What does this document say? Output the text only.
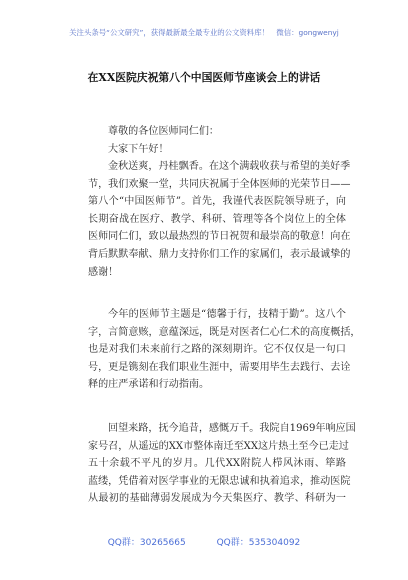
关注头条号“公文研究”，获得最新最全最专业的公文资料库！　微信：gongwenyj
在XX医院庆祝第八个中国医师节座谈会上的讲话
尊敬的各位医师同仁们：
大家下午好！
金秋送爽，丹桂飘香。在这个满载收获与希望的美好季
节，我们欢聚一堂，共同庆祝属于全体医师的光荣节日——
第八个“中国医师节”。首先，我谨代表医院领导班子，向
长期奋战在医疗、教学、科研、管理等各个岗位上的全体
医师同仁们，致以最热烈的节日祝贺和最崇高的敬意！向在
背后默默奉献、鼎力支持你们工作的家属们，表示最诚挚的
感谢！
今年的医师节主题是“德馨于行，技精于勤”。这八个
字，言简意赅，意蕴深远，既是对医者仁心仁术的高度概括，
也是对我们未来前行之路的深刻期许。它不仅仅是一句口
号，更是镌刻在我们职业生涯中，需要用毕生去践行、去诠
释的庄严承诺和行动指南。
回望来路，抚今追昔，感慨万千。我院自1969年响应国
家号召，从遥远的XX市整体南迁至XX这片热土至今已走过
五十余载不平凡的岁月。几代XX附院人栉风沐雨、筚路
蓝缕，凭借着对医学事业的无限忠诚和执着追求，推动医院
从最初的基础薄弱发展成为今天集医疗、教学、科研为一
QQ群：30265665	QQ群：535304092
